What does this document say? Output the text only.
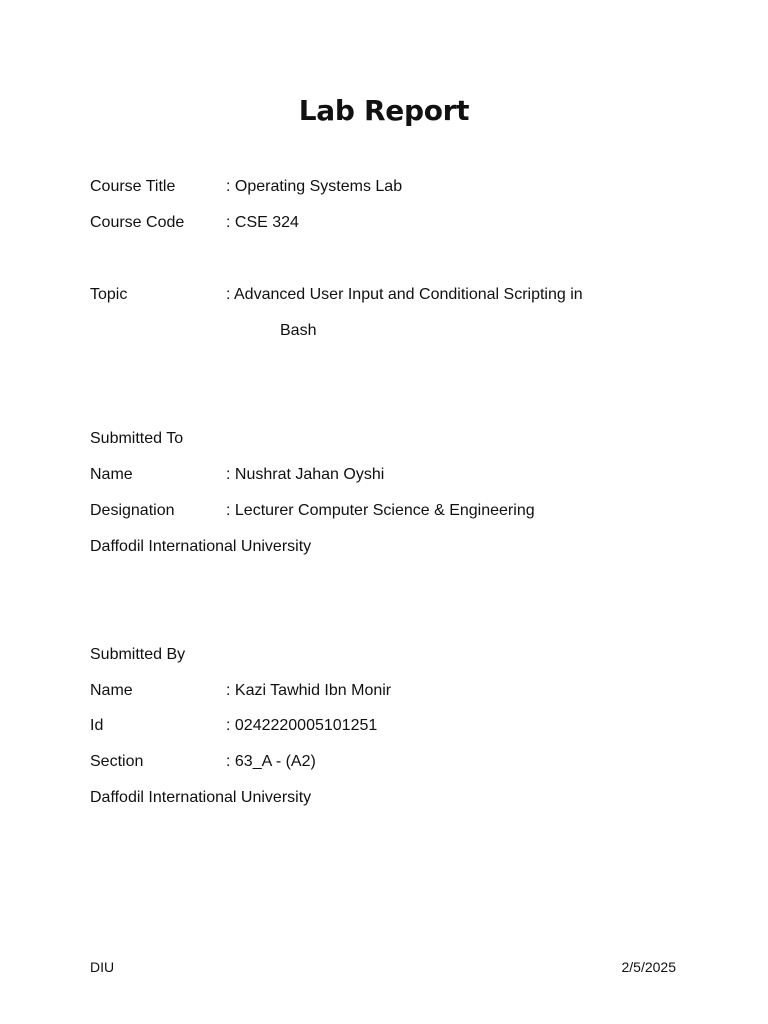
Lab Report
Course Title	: Operating Systems Lab
Course Code	: CSE 324
Topic	: Advanced User Input and Conditional Scripting in
Bash
Submitted To
Name	: Nushrat Jahan Oyshi
Designation	: Lecturer Computer Science & Engineering
Daffodil International University
Submitted By
Name	: Kazi Tawhid Ibn Monir
Id	: 0242220005101251
Section	: 63_A - (A2)
Daffodil International University
DIU	2/5/2025
